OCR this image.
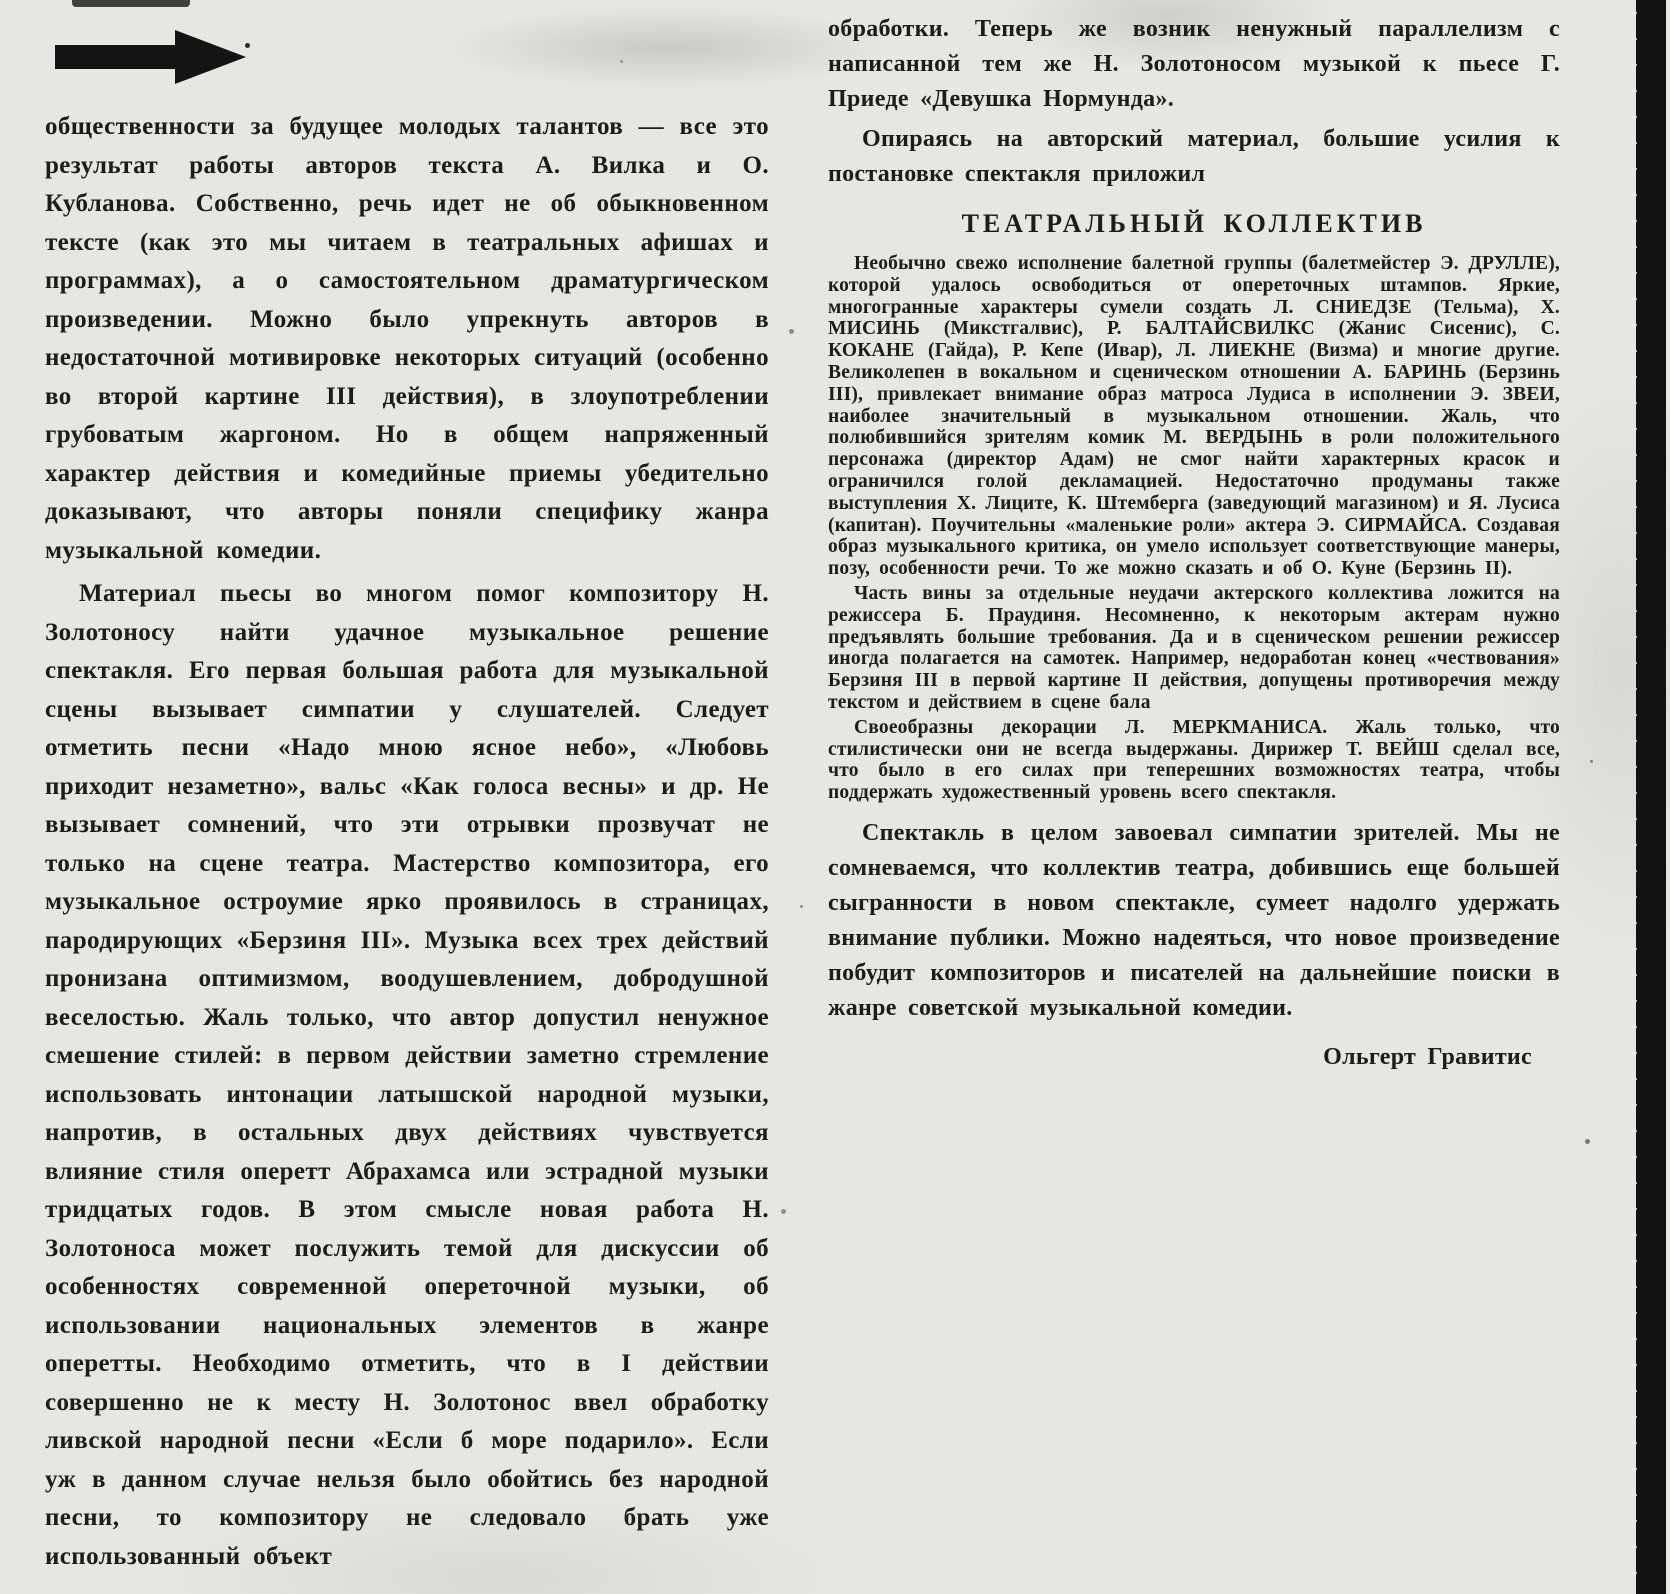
общественности за будущее молодых талантов — все это результат работы авторов текста А. Вилка и О. Кубланова. Собственно, речь идет не об обыкновенном тексте (как это мы читаем в театральных афишах и программах), а о самостоятельном драматургическом произведении. Можно было упрекнуть авторов в недостаточной мотивировке некоторых ситуаций (особенно во второй картине III действия), в злоупотреблении грубоватым жаргоном. Но в общем напряженный характер действия и комедийные приемы убедительно доказывают, что авторы поняли специфику жанра музыкальной комедии.

Материал пьесы во многом помог композитору Н. Золотоносу найти удачное музыкальное решение спектакля. Его первая большая работа для музыкальной сцены вызывает симпатии у слушателей. Следует отметить песни «Надо мною ясное небо», «Любовь приходит незаметно», вальс «Как голоса весны» и др. Не вызывает сомнений, что эти отрывки прозвучат не только на сцене театра. Мастерство композитора, его музыкальное остроумие ярко проявилось в страницах, пародирующих «Берзиня III». Музыка всех трех действий пронизана оптимизмом, воодушевлением, добродушной веселостью. Жаль только, что автор допустил ненужное смешение стилей: в первом действии заметно стремление использовать интонации латышской народной музыки, напротив, в остальных двух действиях чувствуется влияние стиля оперетт Абрахамса или эстрадной музыки тридцатых годов. В этом смысле новая работа Н. Золотоноса может послужить темой для дискуссии об особенностях современной опереточной музыки, об использовании национальных элементов в жанре оперетты. Необходимо отметить, что в I действии совершенно не к месту Н. Золотонос ввел обработку ливской народной песни «Если б море подарило». Если уж в данном случае нельзя было обойтись без народной песни, то композитору не следовало брать уже использованный объект

обработки. Теперь же возник ненужный параллелизм с написанной тем же Н. Золотоносом музыкой к пьесе Г. Приеде «Девушка Нормунда».

Опираясь на авторский материал, большие усилия к постановке спектакля приложил

ТЕАТРАЛЬНЫЙ КОЛЛЕКТИВ

Необычно свежо исполнение балетной группы (балетмейстер Э. ДРУЛЛЕ), которой удалось освободиться от опереточных штампов. Яркие, многогранные характеры сумели создать Л. СНИЕДЗЕ (Тельма), Х. МИСИНЬ (Микстгалвис), Р. БАЛТАЙСВИЛКС (Жанис Сисенис), С. КОКАНЕ (Гайда), Р. Кепе (Ивар), Л. ЛИЕКНЕ (Визма) и многие другие. Великолепен в вокальном и сценическом отношении А. БАРИНЬ (Берзинь III), привлекает внимание образ матроса Лудиса в исполнении Э. ЗВЕИ, наиболее значительный в музыкальном отношении. Жаль, что полюбившийся зрителям комик М. ВЕРДЫНЬ в роли положительного персонажа (директор Адам) не смог найти характерных красок и ограничился голой декламацией. Недостаточно продуманы также выступления Х. Лиците, К. Штемберга (заведующий магазином) и Я. Лусиса (капитан). Поучительны «маленькие роли» актера Э. СИРМАЙСА. Создавая образ музыкального критика, он умело использует соответствующие манеры, позу, особенности речи. То же можно сказать и об О. Куне (Берзинь II).

Часть вины за отдельные неудачи актерского коллектива ложится на режиссера Б. Праудиня. Несомненно, к некоторым актерам нужно предъявлять большие требования. Да и в сценическом решении режиссер иногда полагается на самотек. Например, недоработан конец «чествования» Берзиня III в первой картине II действия, допущены противоречия между текстом и действием в сцене бала

Своеобразны декорации Л. МЕРКМАНИСА. Жаль только, что стилистически они не всегда выдержаны. Дирижер Т. ВЕЙШ сделал все, что было в его силах при теперешних возможностях театра, чтобы поддержать художественный уровень всего спектакля.

Спектакль в целом завоевал симпатии зрителей. Мы не сомневаемся, что коллектив театра, добившись еще большей сыгранности в новом спектакле, сумеет надолго удержать внимание публики. Можно надеяться, что новое произведение побудит композиторов и писателей на дальнейшие поиски в жанре советской музыкальной комедии.

Ольгерт Гравитис
